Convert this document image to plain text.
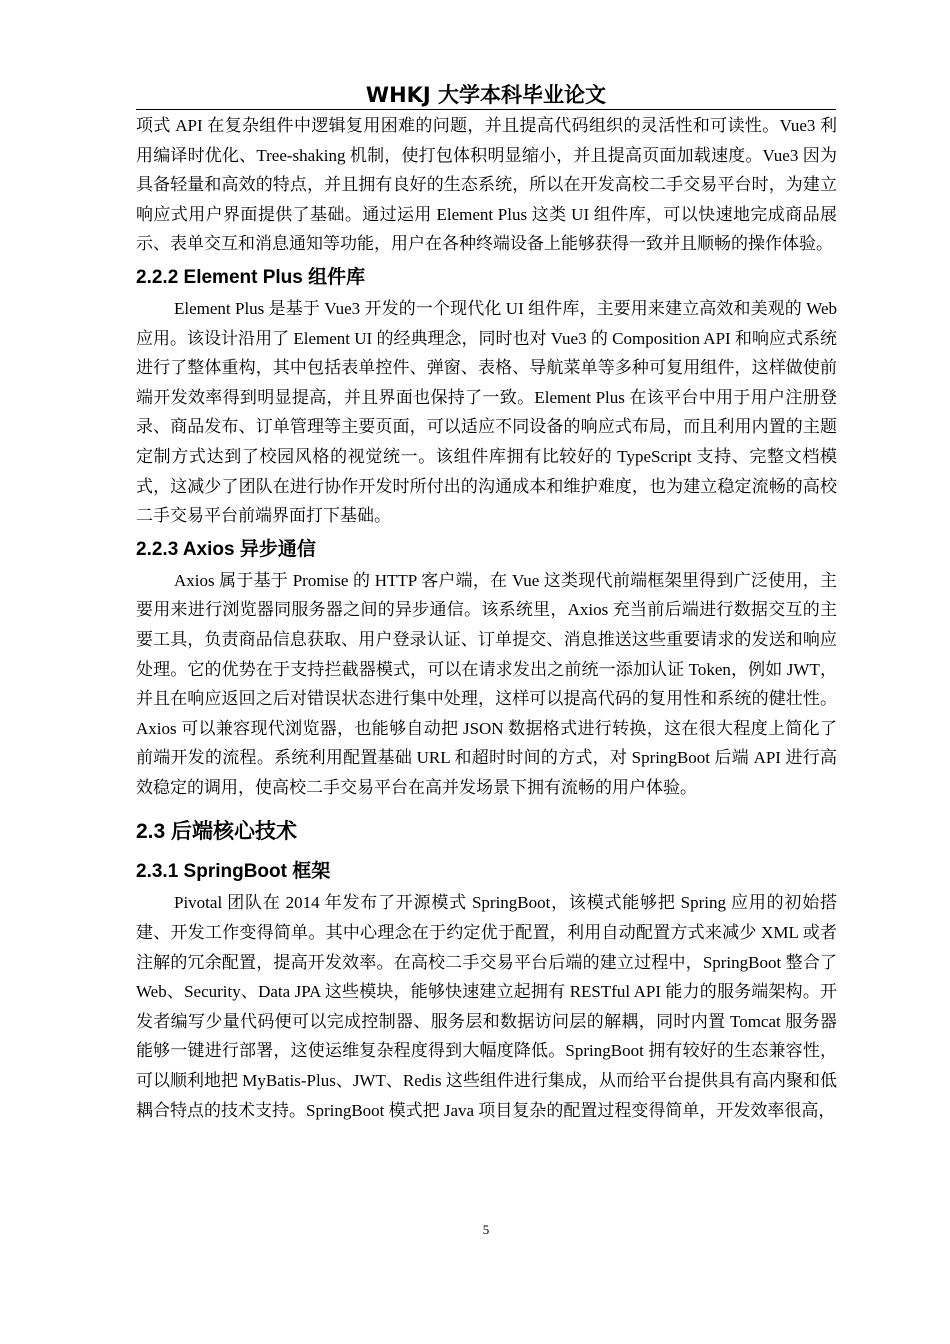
WHKJ 大学本科毕业论文

项式 API 在复杂组件中逻辑复用困难的问题，并且提高代码组织的灵活性和可读性。Vue3 利用编译时优化、Tree-shaking 机制，使打包体积明显缩小，并且提高页面加载速度。Vue3 因为具备轻量和高效的特点，并且拥有良好的生态系统，所以在开发高校二手交易平台时，为建立响应式用户界面提供了基础。通过运用 Element Plus 这类 UI 组件库，可以快速地完成商品展示、表单交互和消息通知等功能，用户在各种终端设备上能够获得一致并且顺畅的操作体验。

2.2.2 Element Plus 组件库

Element Plus 是基于 Vue3 开发的一个现代化 UI 组件库，主要用来建立高效和美观的 Web 应用。该设计沿用了 Element UI 的经典理念，同时也对 Vue3 的 Composition API 和响应式系统进行了整体重构，其中包括表单控件、弹窗、表格、导航菜单等多种可复用组件，这样做使前端开发效率得到明显提高，并且界面也保持了一致。Element Plus 在该平台中用于用户注册登录、商品发布、订单管理等主要页面，可以适应不同设备的响应式布局，而且利用内置的主题定制方式达到了校园风格的视觉统一。该组件库拥有比较好的 TypeScript 支持、完整文档模式，这减少了团队在进行协作开发时所付出的沟通成本和维护难度，也为建立稳定流畅的高校二手交易平台前端界面打下基础。

2.2.3 Axios 异步通信

Axios 属于基于 Promise 的 HTTP 客户端，在 Vue 这类现代前端框架里得到广泛使用，主要用来进行浏览器同服务器之间的异步通信。该系统里，Axios 充当前后端进行数据交互的主要工具，负责商品信息获取、用户登录认证、订单提交、消息推送这些重要请求的发送和响应处理。它的优势在于支持拦截器模式，可以在请求发出之前统一添加认证 Token，例如 JWT，并且在响应返回之后对错误状态进行集中处理，这样可以提高代码的复用性和系统的健壮性。Axios 可以兼容现代浏览器，也能够自动把 JSON 数据格式进行转换，这在很大程度上简化了前端开发的流程。系统利用配置基础 URL 和超时时间的方式，对 SpringBoot 后端 API 进行高效稳定的调用，使高校二手交易平台在高并发场景下拥有流畅的用户体验。

2.3 后端核心技术
2.3.1 SpringBoot 框架

Pivotal 团队在 2014 年发布了开源模式 SpringBoot，该模式能够把 Spring 应用的初始搭建、开发工作变得简单。其中心理念在于约定优于配置，利用自动配置方式来减少 XML 或者注解的冗余配置，提高开发效率。在高校二手交易平台后端的建立过程中，SpringBoot 整合了 Web、Security、Data JPA 这些模块，能够快速建立起拥有 RESTful API 能力的服务端架构。开发者编写少量代码便可以完成控制器、服务层和数据访问层的解耦，同时内置 Tomcat 服务器能够一键进行部署，这使运维复杂程度得到大幅度降低。SpringBoot 拥有较好的生态兼容性，可以顺利地把 MyBatis-Plus、JWT、Redis 这些组件进行集成，从而给平台提供具有高内聚和低耦合特点的技术支持。SpringBoot 模式把 Java 项目复杂的配置过程变得简单，开发效率很高，

5
